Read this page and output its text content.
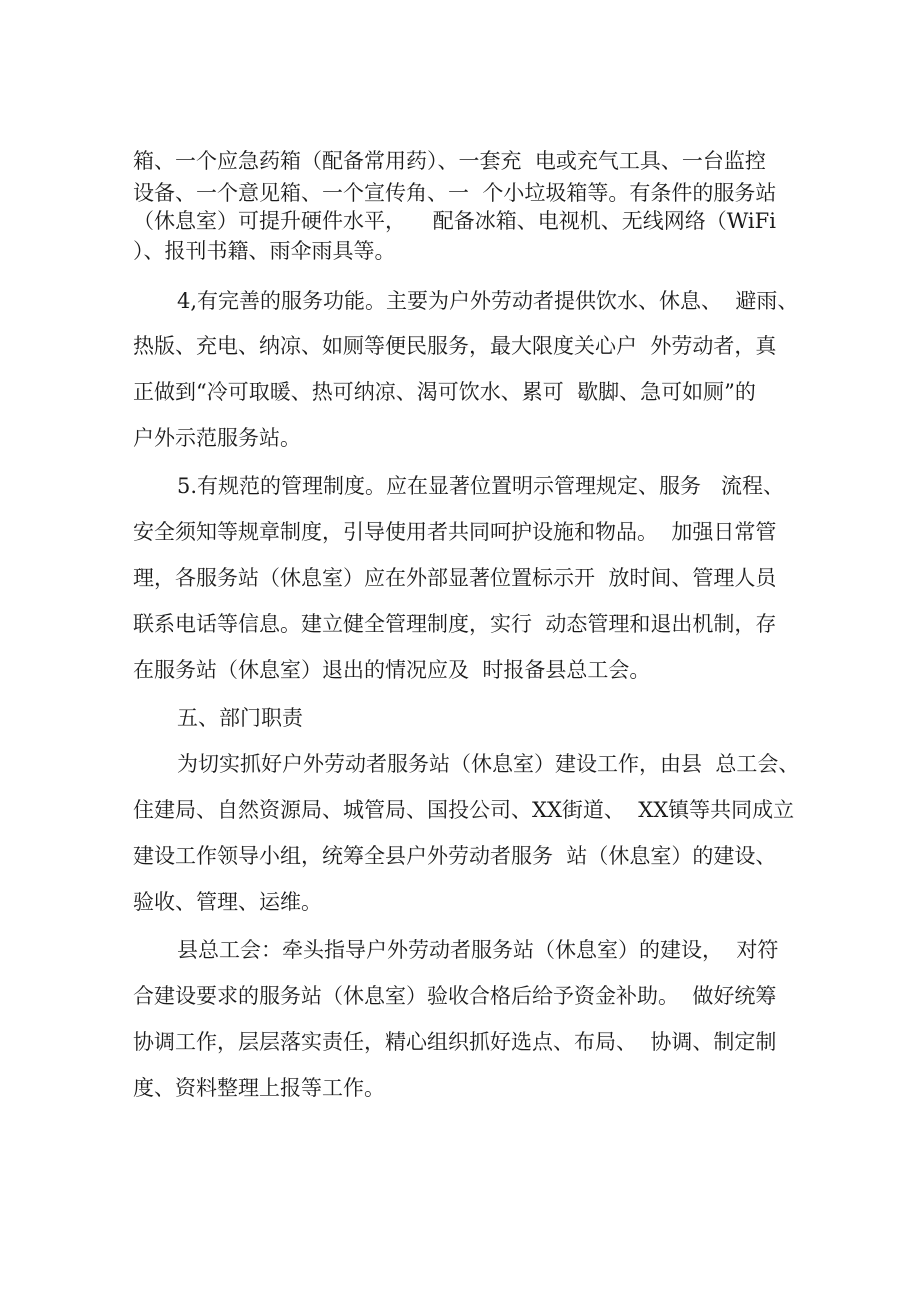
箱、一个应急药箱（配备常用药）、一套充  电或充气工具、一台监控
设备、一个意见箱、一个宣传角、一  个小垃圾箱等。有条件的服务站
（休息室）可提升硬件水平，    配备冰箱、电视机、无线网络（WiFi
）、报刊书籍、雨伞雨具等。
4,有完善的服务功能。主要为户外劳动者提供饮水、休息、  避雨、
热版、充电、纳凉、如厕等便民服务，最大限度关心户  外劳动者，真
正做到“冷可取暖、热可纳凉、渴可饮水、累可  歇脚、急可如厕”的
户外示范服务站。
5.有规范的管理制度。应在显著位置明示管理规定、服务   流程、
安全须知等规章制度，引导使用者共同呵护设施和物品。  加强日常管
理，各服务站（休息室）应在外部显著位置标示开  放时间、管理人员
联系电话等信息。建立健全管理制度，实行  动态管理和退出机制，存
在服务站（休息室）退出的情况应及  时报备县总工会。
五、部门职责
为切实抓好户外劳动者服务站（休息室）建设工作，由县  总工会、
住建局、自然资源局、城管局、国投公司、XX街道、  XX镇等共同成立
建设工作领导小组，统筹全县户外劳动者服务  站（休息室）的建设、
验收、管理、运维。
县总工会：牵头指导户外劳动者服务站（休息室）的建设，  对符
合建设要求的服务站（休息室）验收合格后给予资金补助。  做好统筹
协调工作，层层落实责任，精心组织抓好选点、布局、  协调、制定制
度、资料整理上报等工作。
